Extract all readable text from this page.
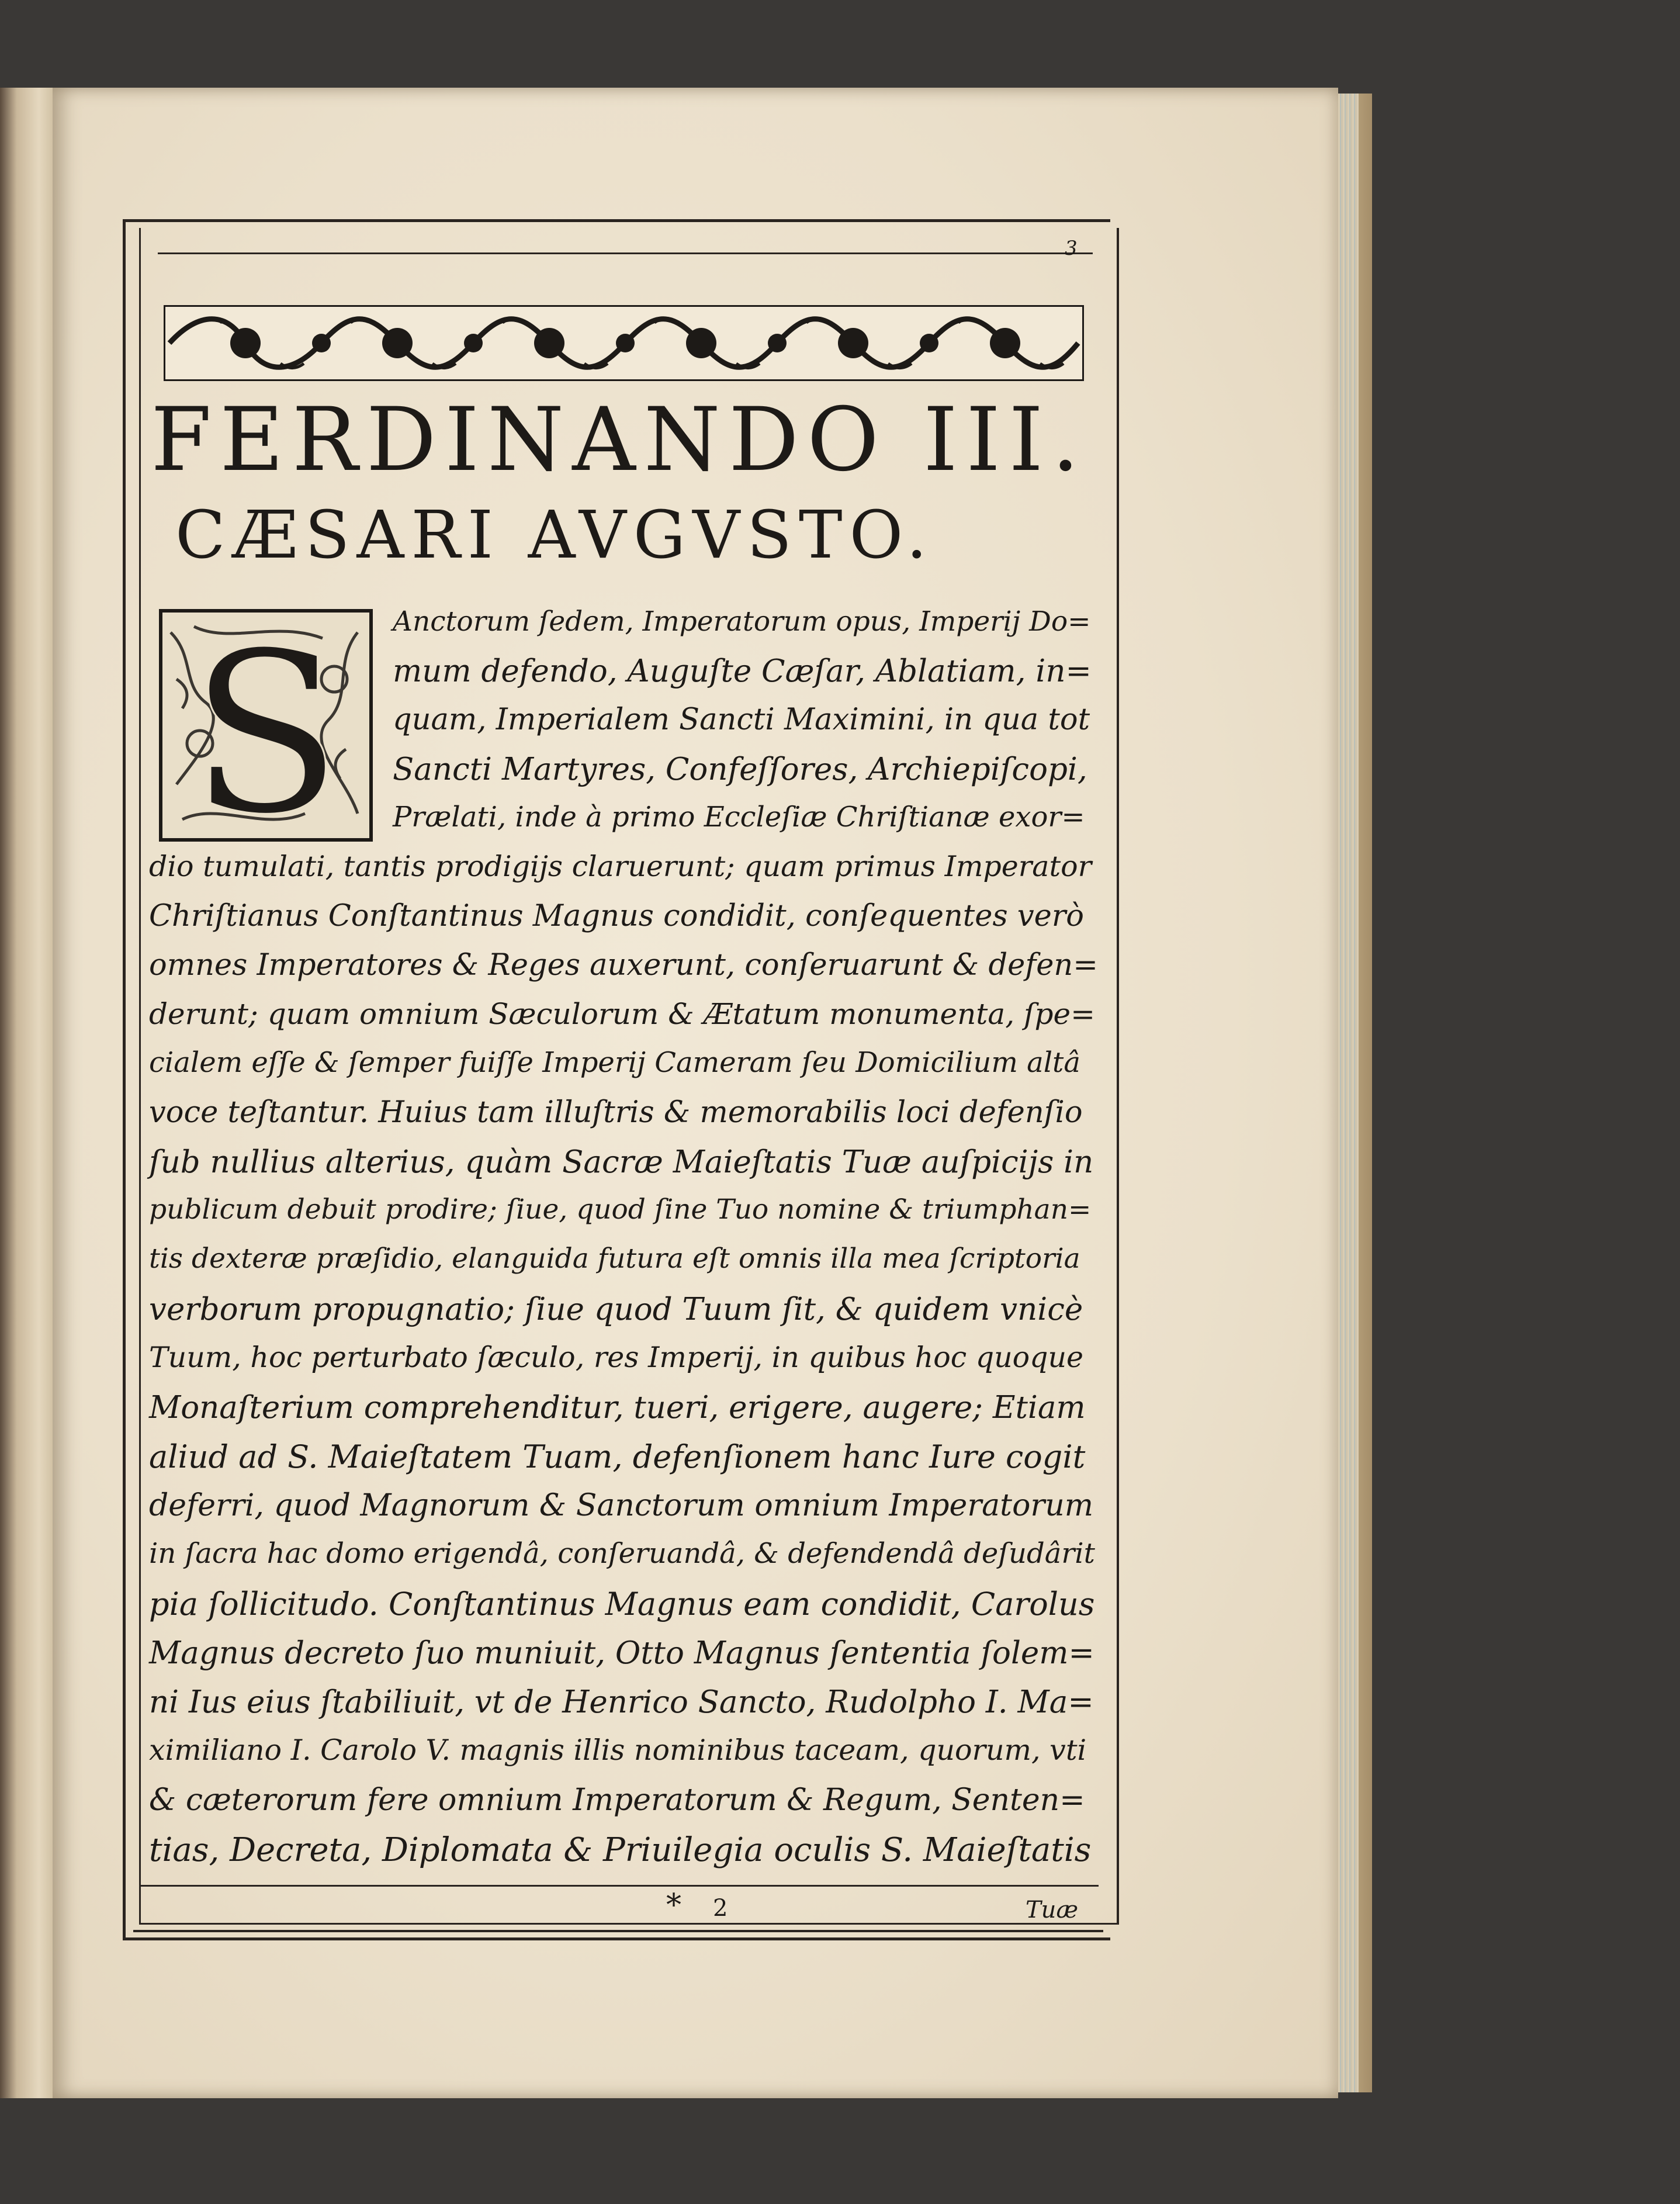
3
FERDINANDO III.
CÆSARI AVGVSTO.
S Anctorum ſedem, Imperatorum opus, Imperij Do=
mum defendo, Auguſte Cæſar, Ablatiam, in=
quam, Imperialem Sancti Maximini, in qua tot
Sancti Martyres, Confeſſores, Archiepiſcopi,
Prælati, inde à primo Eccleſiæ Chriſtianæ exor=
dio tumulati, tantis prodigijs claruerunt; quam primus Imperator
Chriſtianus Conſtantinus Magnus condidit, conſequentes verò
omnes Imperatores & Reges auxerunt, conſeruarunt & defen=
derunt; quam omnium Sæculorum & Ætatum monumenta, ſpe=
cialem eſſe & ſemper fuiſſe Imperij Cameram ſeu Domicilium altâ
voce teſtantur. Huius tam illuſtris & memorabilis loci defenſio
ſub nullius alterius, quàm Sacræ Maieſtatis Tuæ auſpicijs in
publicum debuit prodire; ſiue, quod ſine Tuo nomine & triumphan=
tis dexteræ præſidio, elanguida futura eſt omnis illa mea ſcriptoria
verborum propugnatio; ſiue quod Tuum ſit, & quidem vnicè
Tuum, hoc perturbato ſæculo, res Imperij, in quibus hoc quoque
Monaſterium comprehenditur, tueri, erigere, augere; Etiam
aliud ad S. Maieſtatem Tuam, defenſionem hanc Iure cogit
deferri, quod Magnorum & Sanctorum omnium Imperatorum
in ſacra hac domo erigendâ, conſeruandâ, & defendendâ deſudârit
pia ſollicitudo. Conſtantinus Magnus eam condidit, Carolus
Magnus decreto ſuo muniuit, Otto Magnus ſententia ſolem=
ni Ius eius ſtabiliuit, vt de Henrico Sancto, Rudolpho I. Ma=
ximiliano I. Carolo V. magnis illis nominibus taceam, quorum, vti
& cæterorum fere omnium Imperatorum & Regum, Senten=
tias, Decreta, Diplomata & Priuilegia oculis S. Maieſtatis
* 2	Tuæ
